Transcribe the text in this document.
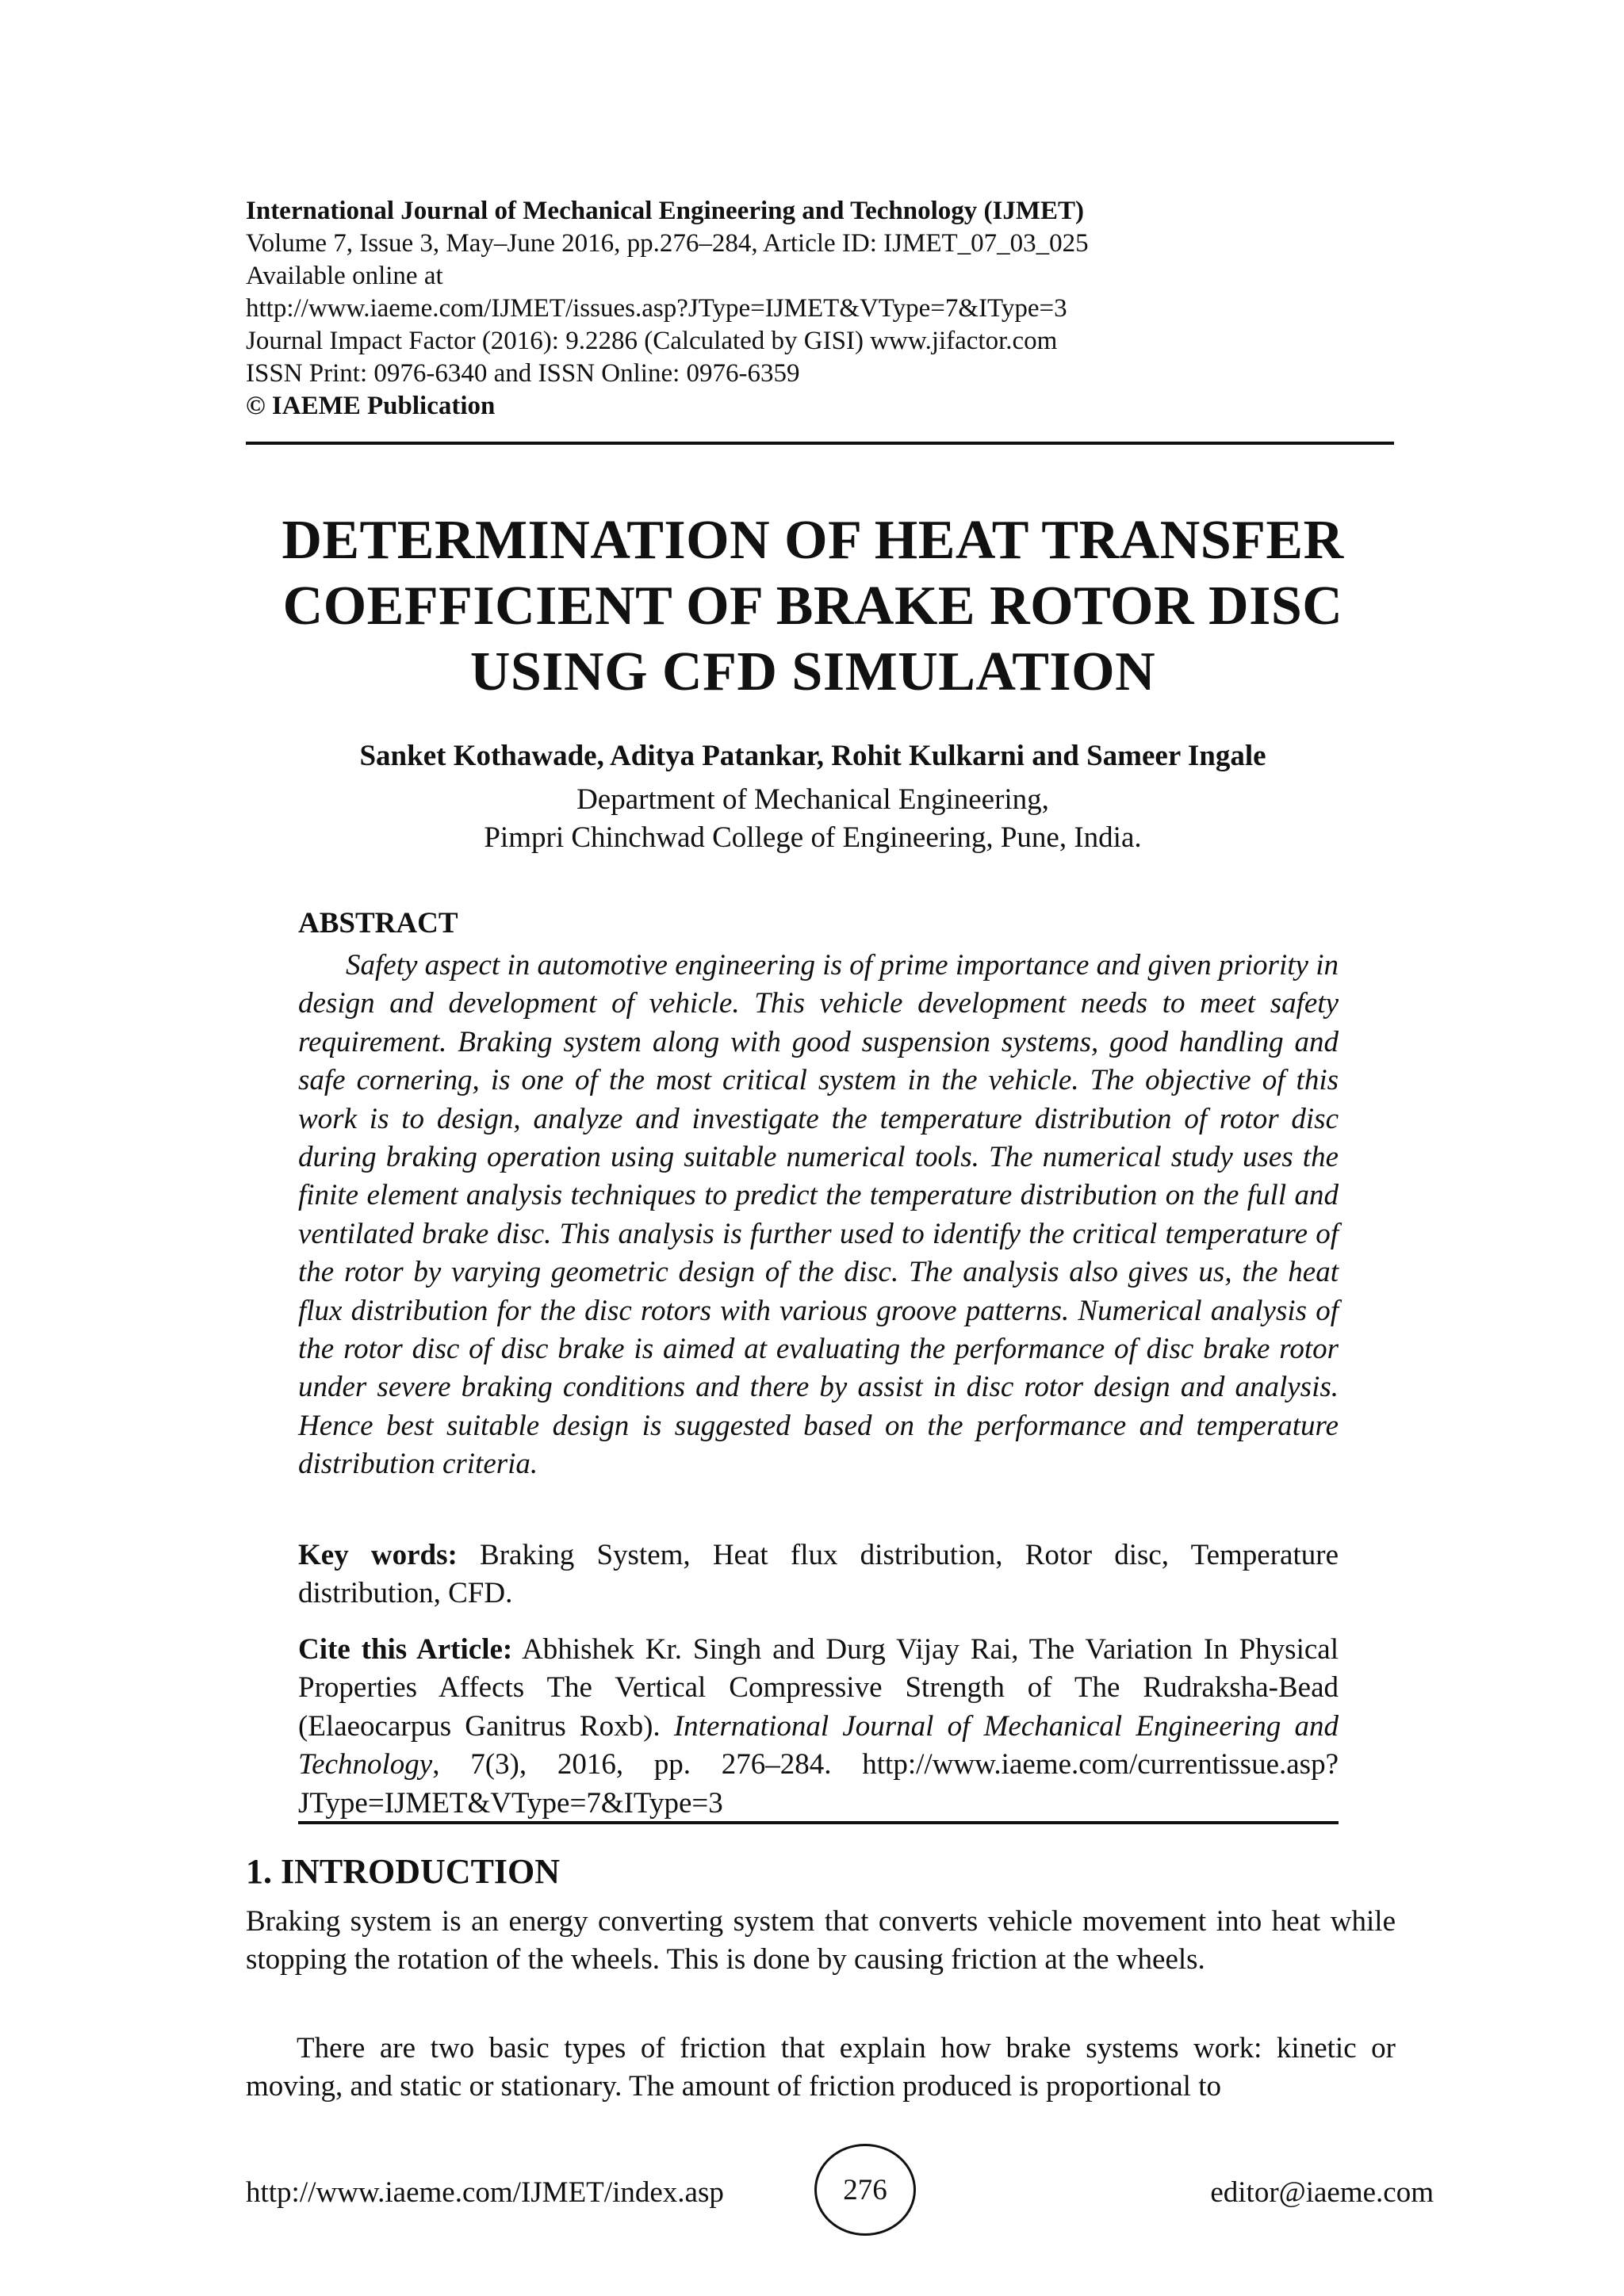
International Journal of Mechanical Engineering and Technology (IJMET)
Volume 7, Issue 3, May–June 2016, pp.276–284, Article ID: IJMET_07_03_025
Available online at
http://www.iaeme.com/IJMET/issues.asp?JType=IJMET&VType=7&IType=3
Journal Impact Factor (2016): 9.2286 (Calculated by GISI) www.jifactor.com
ISSN Print: 0976-6340 and ISSN Online: 0976-6359
© IAEME Publication
DETERMINATION OF HEAT TRANSFER
COEFFICIENT OF BRAKE ROTOR DISC
USING CFD SIMULATION
Sanket Kothawade, Aditya Patankar, Rohit Kulkarni and Sameer Ingale
Department of Mechanical Engineering,
Pimpri Chinchwad College of Engineering, Pune, India.
ABSTRACT
Safety aspect in automotive engineering is of prime importance and given priority in design and development of vehicle. This vehicle development needs to meet safety requirement. Braking system along with good suspension systems, good handling and safe cornering, is one of the most critical system in the vehicle. The objective of this work is to design, analyze and investigate the temperature distribution of rotor disc during braking operation using suitable numerical tools. The numerical study uses the finite element analysis techniques to predict the temperature distribution on the full and ventilated brake disc. This analysis is further used to identify the critical temperature of the rotor by varying geometric design of the disc. The analysis also gives us, the heat flux distribution for the disc rotors with various groove patterns. Numerical analysis of the rotor disc of disc brake is aimed at evaluating the performance of disc brake rotor under severe braking conditions and there by assist in disc rotor design and analysis. Hence best suitable design is suggested based on the performance and temperature distribution criteria.
Key words: Braking System, Heat flux distribution, Rotor disc, Temperature distribution, CFD.
Cite this Article: Abhishek Kr. Singh and Durg Vijay Rai, The Variation In Physical Properties Affects The Vertical Compressive Strength of The Rudraksha-Bead (Elaeocarpus Ganitrus Roxb). International Journal of Mechanical Engineering and Technology, 7(3), 2016, pp. 276–284. http://www.iaeme.com/currentissue.asp?JType=IJMET&VType=7&IType=3
1. INTRODUCTION
Braking system is an energy converting system that converts vehicle movement into heat while stopping the rotation of the wheels. This is done by causing friction at the wheels.
There are two basic types of friction that explain how brake systems work: kinetic or moving, and static or stationary. The amount of friction produced is proportional to
http://www.iaeme.com/IJMET/index.asp	276	editor@iaeme.com
